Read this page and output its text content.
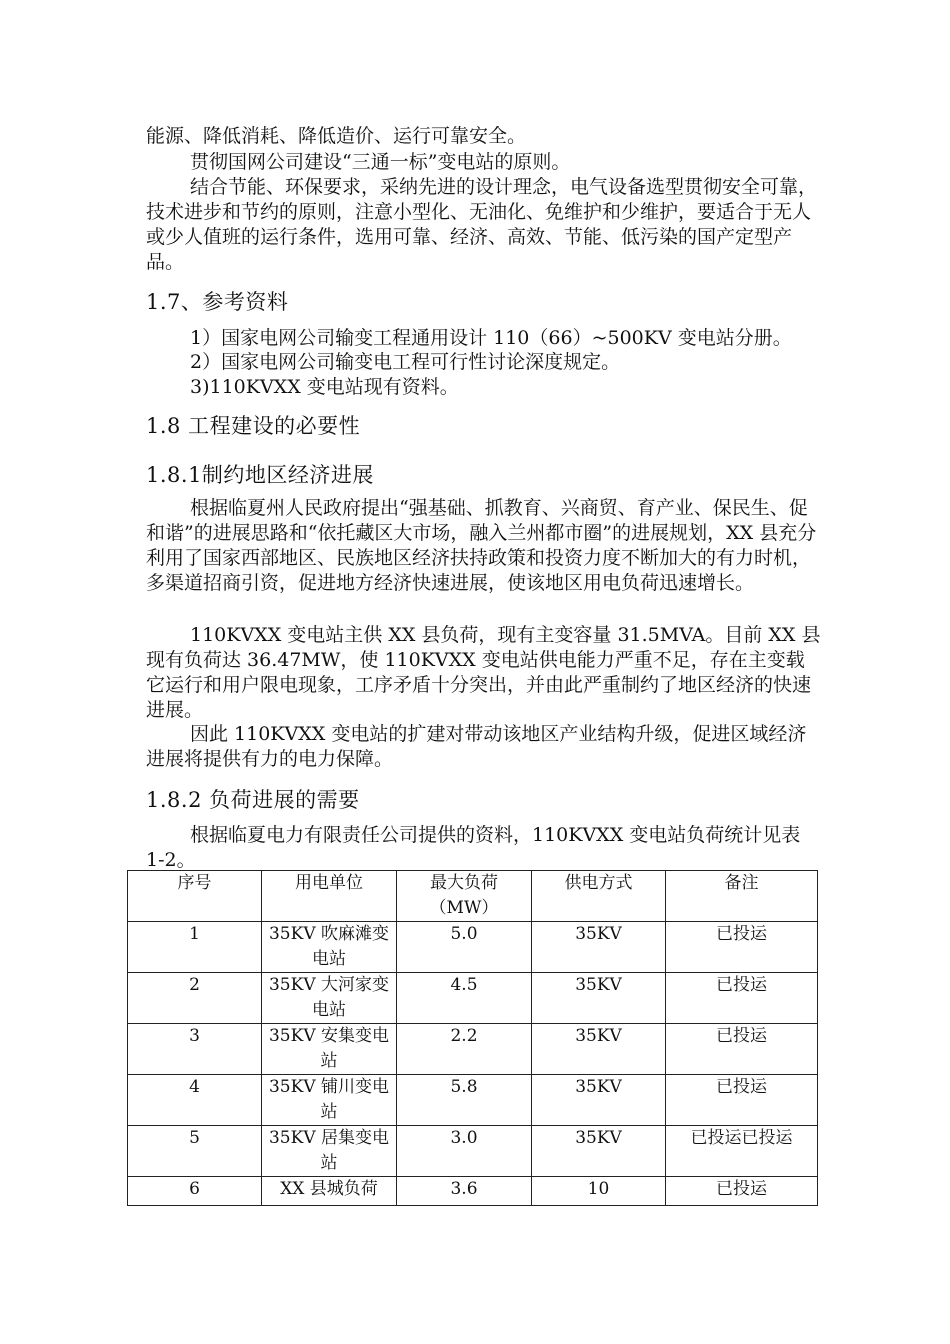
能源、降低消耗、降低造价、运行可靠安全。

贯彻国网公司建设“三通一标”变电站的原则。

结合节能、环保要求，采纳先进的设计理念，电气设备选型贯彻安全可靠，技术进步和节约的原则，注意小型化、无油化、免维护和少维护，要适合于无人或少人值班的运行条件，选用可靠、经济、高效、节能、低污染的国产定型产品。

1.7、参考资料

1）国家电网公司输变工程通用设计 110（66）~500KV 变电站分册。

2）国家电网公司输变电工程可行性讨论深度规定。

3)110KVXX 变电站现有资料。

1.8 工程建设的必要性
1.8.1制约地区经济进展

根据临夏州人民政府提出“强基础、抓教育、兴商贸、育产业、保民生、促和谐”的进展思路和“依托藏区大市场，融入兰州都市圈”的进展规划，XX 县充分利用了国家西部地区、民族地区经济扶持政策和投资力度不断加大的有力时机，多渠道招商引资，促进地方经济快速进展，使该地区用电负荷迅速增长。

110KVXX 变电站主供 XX 县负荷，现有主变容量 31.5MVA。目前 XX 县现有负荷达 36.47MW，使 110KVXX 变电站供电能力严重不足，存在主变载它运行和用户限电现象，工序矛盾十分突出，并由此严重制约了地区经济的快速进展。

因此 110KVXX 变电站的扩建对带动该地区产业结构升级，促进区域经济进展将提供有力的电力保障。

1.8.2 负荷进展的需要

根据临夏电力有限责任公司提供的资料，110KVXX 变电站负荷统计见表 1-2。

序号	用电单位	最大负荷（MW）	供电方式	备注
1	35KV 吹麻滩变电站	5.0	35KV	已投运
2	35KV 大河家变电站	4.5	35KV	已投运
3	35KV 安集变电站	2.2	35KV	已投运
4	35KV 铺川变电站	5.8	35KV	已投运
5	35KV 居集变电站	3.0	35KV	已投运已投运
6	XX 县城负荷	3.6	10	已投运
